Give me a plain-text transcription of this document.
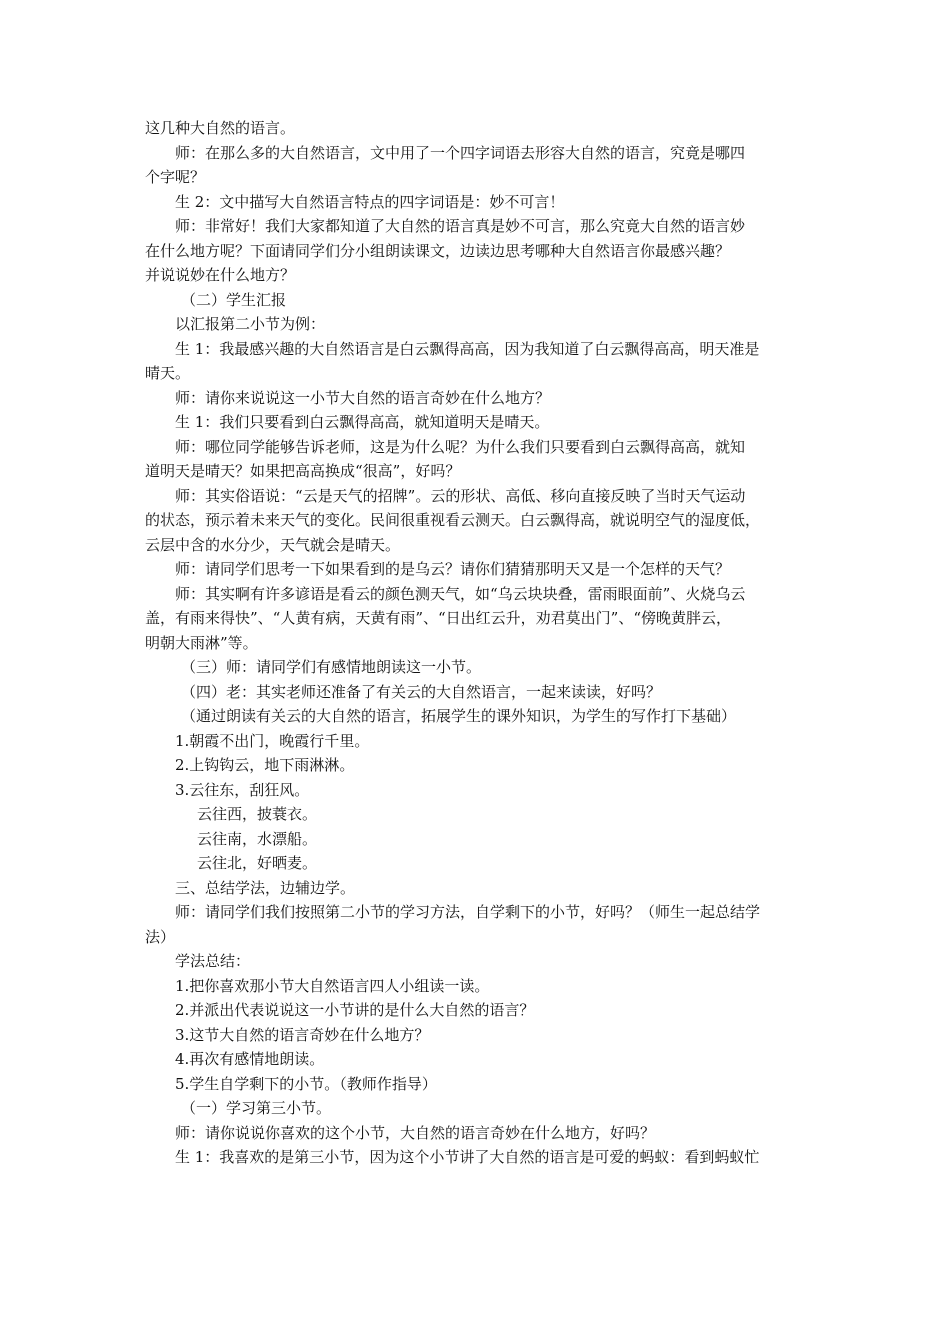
这几种大自然的语言。
师：在那么多的大自然语言，文中用了一个四字词语去形容大自然的语言，究竟是哪四
个字呢？
生 2：文中描写大自然语言特点的四字词语是：妙不可言！
师：非常好！我们大家都知道了大自然的语言真是妙不可言，那么究竟大自然的语言妙
在什么地方呢？下面请同学们分小组朗读课文，边读边思考哪种大自然语言你最感兴趣？
并说说妙在什么地方？
（二）学生汇报
以汇报第二小节为例：
生 1：我最感兴趣的大自然语言是白云飘得高高，因为我知道了白云飘得高高，明天准是
晴天。
师：请你来说说这一小节大自然的语言奇妙在什么地方？
生 1：我们只要看到白云飘得高高，就知道明天是晴天。
师：哪位同学能够告诉老师，这是为什么呢？为什么我们只要看到白云飘得高高，就知
道明天是晴天？如果把高高换成“很高”，好吗？
师：其实俗语说：“云是天气的招牌”。云的形状、高低、移向直接反映了当时天气运动
的状态，预示着未来天气的变化。民间很重视看云测天。白云飘得高，就说明空气的湿度低，
云层中含的水分少，天气就会是晴天。
师：请同学们思考一下如果看到的是乌云？请你们猜猜那明天又是一个怎样的天气？
师：其实啊有许多谚语是看云的颜色测天气，如“乌云块块叠，雷雨眼面前”、火烧乌云
盖，有雨来得快”、“人黄有病，天黄有雨”、“日出红云升，劝君莫出门”、“傍晚黄胖云，
明朝大雨淋”等。
（三）师：请同学们有感情地朗读这一小节。
（四）老：其实老师还准备了有关云的大自然语言，一起来读读，好吗？
（通过朗读有关云的大自然的语言，拓展学生的课外知识，为学生的写作打下基础）
1.朝霞不出门，晚霞行千里。
2.上钩钩云，地下雨淋淋。
3.云往东，刮狂风。
云往西，披蓑衣。
云往南，水漂船。
云往北，好晒麦。
三、总结学法，边辅边学。
师：请同学们我们按照第二小节的学习方法，自学剩下的小节，好吗？（师生一起总结学
法）
学法总结：
1.把你喜欢那小节大自然语言四人小组读一读。
2.并派出代表说说这一小节讲的是什么大自然的语言？
3.这节大自然的语言奇妙在什么地方？
4.再次有感情地朗读。
5.学生自学剩下的小节。（教师作指导）
（一）学习第三小节。
师：请你说说你喜欢的这个小节，大自然的语言奇妙在什么地方，好吗？
生 1：我喜欢的是第三小节，因为这个小节讲了大自然的语言是可爱的蚂蚁：看到蚂蚁忙
